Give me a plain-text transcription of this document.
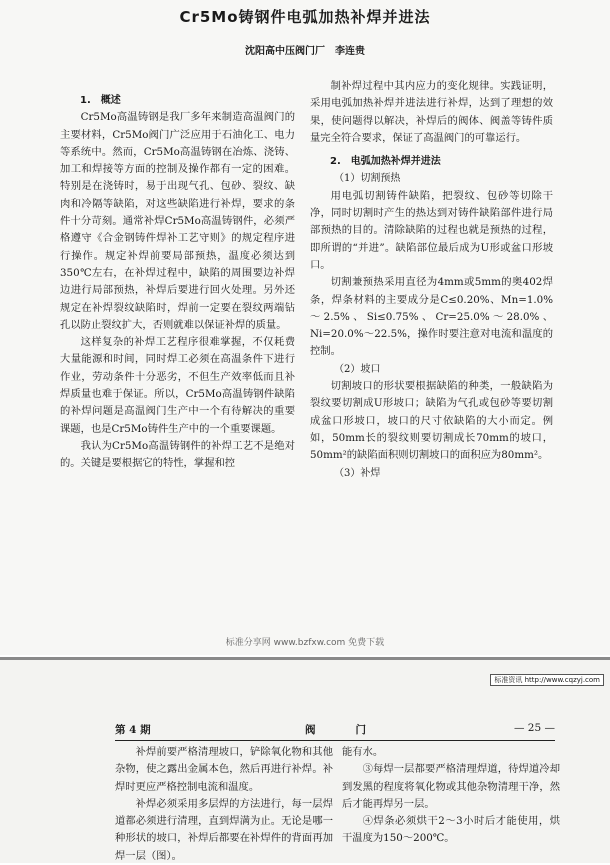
Cr5Mo铸钢件电弧加热补焊并进法
沈阳高中压阀门厂　李连贵
1.　概述

Cr5Mo高温铸钢是我厂多年来制造高温阀门的主要材料，Cr5Mo阀门广泛应用于石油化工、电力等系统中。然而，Cr5Mo高温铸钢在冶炼、浇铸、加工和焊接等方面的控制及操作都有一定的困难。特别是在浇铸时，易于出现气孔、包砂、裂纹、缺肉和冷隔等缺陷，对这些缺陷进行补焊，要求的条件十分苛刻。通常补焊Cr5Mo高温铸钢件，必须严格遵守《合金钢铸件焊补工艺守则》的规定程序进行操作。规定补焊前要局部预热，温度必须达到350℃左右，在补焊过程中，缺陷的周围要边补焊边进行局部预热，补焊后要进行回火处理。另外还规定在补焊裂纹缺陷时，焊前一定要在裂纹两端钻孔以防止裂纹扩大，否则就难以保证补焊的质量。

这样复杂的补焊工艺程序很难掌握，不仅耗费大量能源和时间，同时焊工必须在高温条件下进行作业，劳动条件十分恶劣，不但生产效率低而且补焊质量也难于保证。所以，Cr5Mo高温铸钢件缺陷的补焊问题是高温阀门生产中一个有待解决的重要课题，也是Cr5Mo铸件生产中的一个重要课题。

我认为Cr5Mo高温铸钢件的补焊工艺不是绝对的。关键是要根据它的特性，掌握和控

制补焊过程中其内应力的变化规律。实践证明，采用电弧加热补焊并进法进行补焊，达到了理想的效果，使问题得以解决，补焊后的阀体、阀盖等铸件质量完全符合要求，保证了高温阀门的可靠运行。

2.　电弧加热补焊并进法
（1）切割预热

用电弧切割铸件缺陷，把裂纹、包砂等切除干净，同时切割时产生的热达到对铸件缺陷部件进行局部预热的目的。清除缺陷的过程也就是预热的过程，即所谓的“并进”。缺陷部位最后成为U形或盆口形坡口。

切割兼预热采用直径为4mm或5mm的奥402焊条，焊条材料的主要成分是C≤0.20%、Mn=1.0%～2.5%、Si≤0.75%、Cr=25.0%～28.0%、Ni=20.0%～22.5%，操作时要注意对电流和温度的控制。

（2）坡口

切割坡口的形状要根据缺陷的种类，一般缺陷为裂纹要切割成U形坡口；缺陷为气孔或包砂等要切割成盆口形坡口，坡口的尺寸依缺陷的大小而定。例如，50mm长的裂纹则要切割成长70mm的坡口，50mm²的缺陷面积则切割坡口的面积应为80mm²。

（3）补焊
标准分享网 www.bzfxw.com 免费下载
标准资讯 http://www.cqzyj.com
第 4 期	阀门	— 25 —

补焊前要严格清理坡口，铲除氧化物和其他杂物，使之露出金属本色，然后再进行补焊。补焊时更应严格控制电流和温度。

补焊必须采用多层焊的方法进行，每一层焊道都必须进行清理，直到焊满为止。无论是哪一种形状的坡口，补焊后都要在补焊件的背面再加焊一层（图）。

能有水。

③每焊一层都要严格清理焊道，待焊道冷却到发黑的程度将氧化物或其他杂物清理干净，然后才能再焊另一层。

④焊条必须烘干2～3小时后才能使用，烘干温度为150～200℃。
